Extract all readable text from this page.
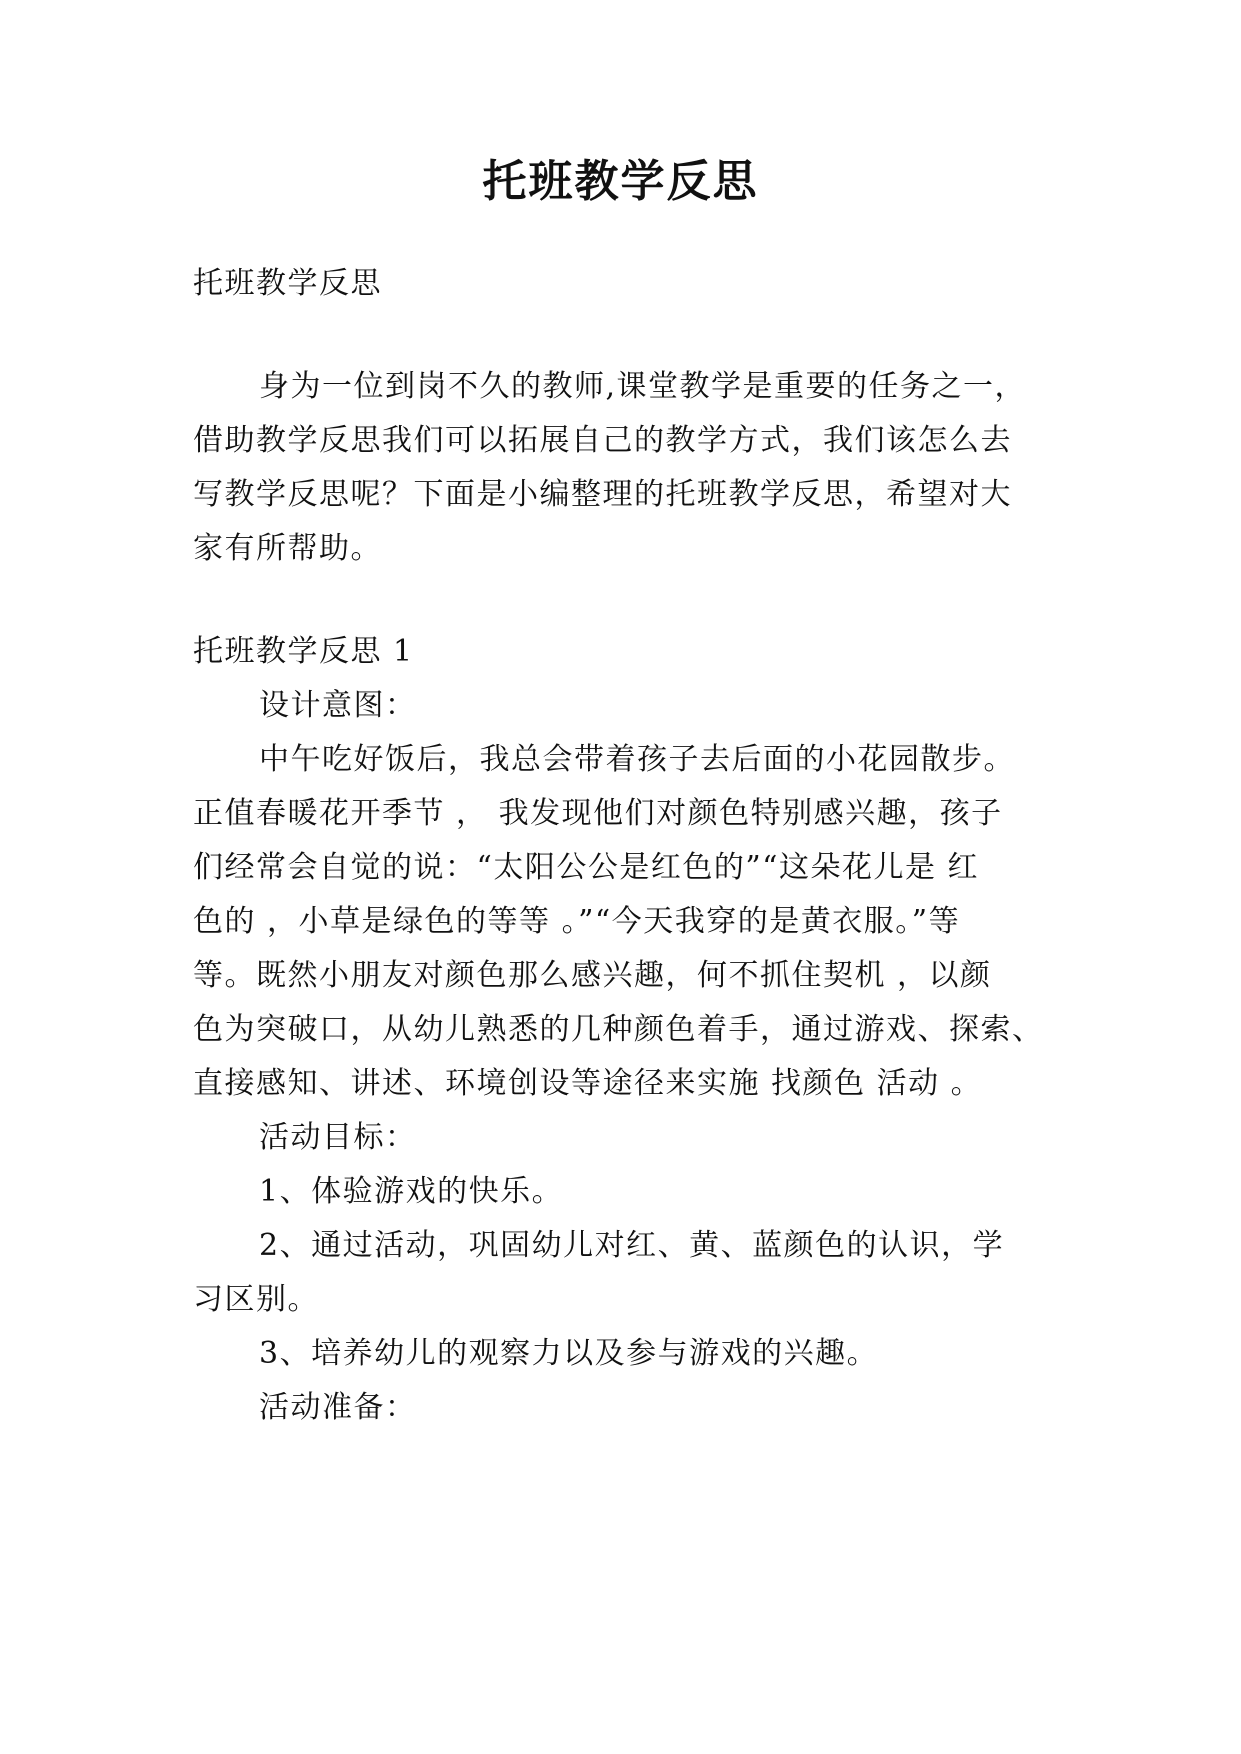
托班教学反思
托班教学反思
身为一位到岗不久的教师,课堂教学是重要的任务之一，
借助教学反思我们可以拓展自己的教学方式，我们该怎么去
写教学反思呢？下面是小编整理的托班教学反思，希望对大
家有所帮助。
托班教学反思 1
设计意图：
中午吃好饭后，我总会带着孩子去后面的小花园散步。
正值春暖花开季节 ， 我发现他们对颜色特别感兴趣，孩子
们经常会自觉的说：“太阳公公是红色的”“这朵花儿是 红
色的 ，小草是绿色的等等 。”“今天我穿的是黄衣服。”等
等。既然小朋友对颜色那么感兴趣，何不抓住契机 ，以颜
色为突破口，从幼儿熟悉的几种颜色着手，通过游戏、探索、
直接感知、讲述、环境创设等途径来实施 找颜色 活动 。
活动目标：
1、体验游戏的快乐。
2、通过活动，巩固幼儿对红、黄、蓝颜色的认识，学
习区别。
3、培养幼儿的观察力以及参与游戏的兴趣。
活动准备：
